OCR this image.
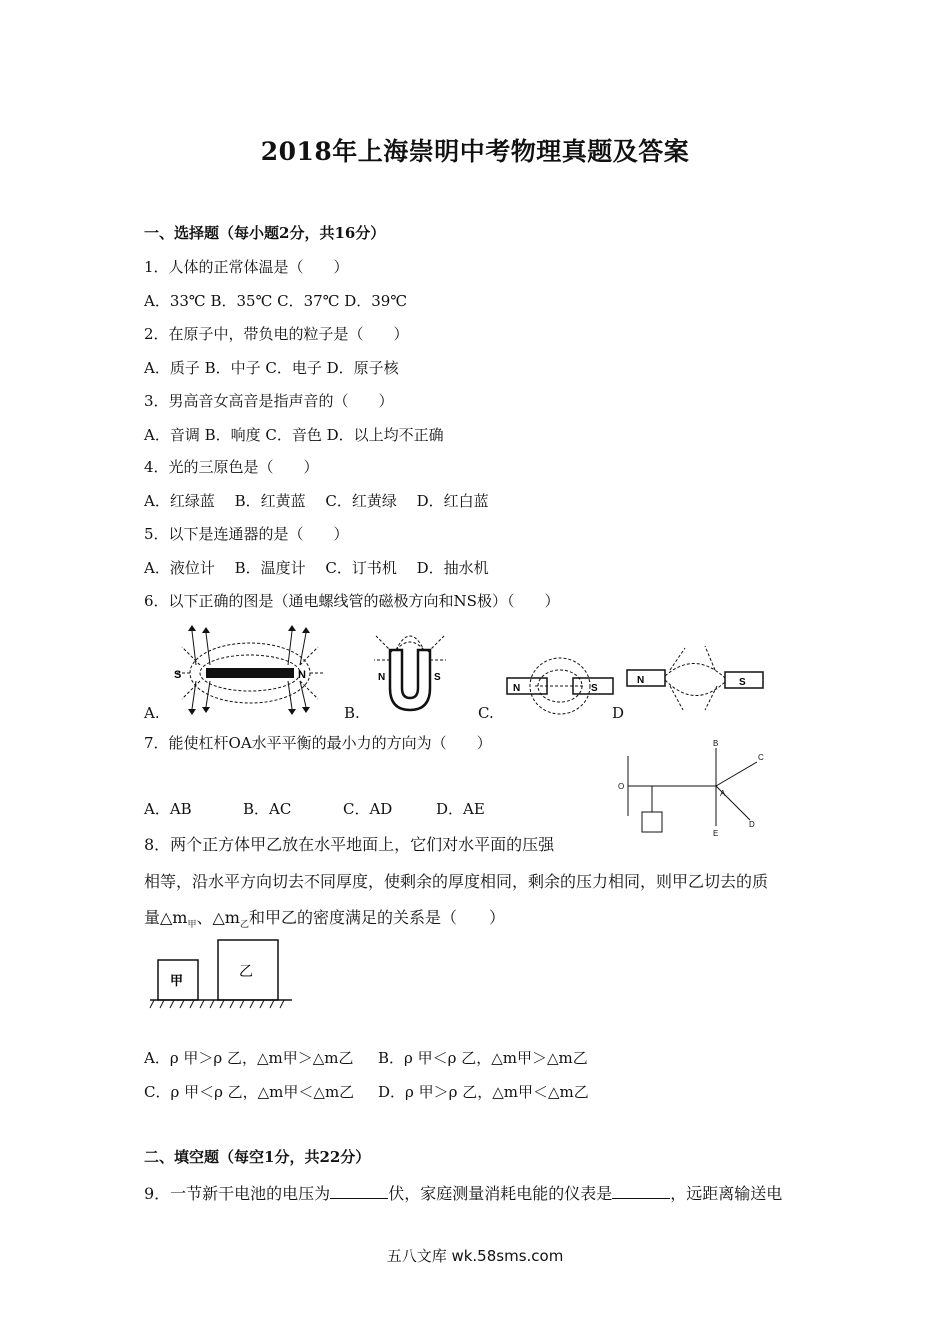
2018年上海崇明中考物理真题及答案
一、选择题（每小题2分，共16分）
1．人体的正常体温是（　　）
A．33℃ B．35℃ C．37℃ D．39℃
2．在原子中，带负电的粒子是（　　）
A．质子 B．中子 C．电子 D．原子核
3．男高音女高音是指声音的（　　）
A．音调 B．响度 C．音色 D．以上均不正确
4．光的三原色是（　　）
A．红绿蓝　 B．红黄蓝　 C．红黄绿　 D．红白蓝
5．以下是连通器的是（　　）
A．液位计　 B．温度计　 C．订书机　 D．抽水机
6．以下正确的图是（通电螺线管的磁极方向和NS极）（　　）
S	N
A.
N	S
B.
N	S
C.
N	S
D
7．能使杠杆OA水平平衡的最小力的方向为（　　）
A．AB	B．AC	C．AD	D．AE
O
A
B
C
D
E
8．两个正方体甲乙放在水平地面上，它们对水平面的压强
相等，沿水平方向切去不同厚度，使剩余的厚度相同，剩余的压力相同，则甲乙切去的质
量$\triangle m_甲$、$\triangle m_乙$和甲乙的密度满足的关系是（　　）
甲
乙
A．ρ 甲＞ρ 乙，△m甲＞△m乙 B．ρ 甲＜ρ 乙，△m甲＞△m乙
C．ρ 甲＜ρ 乙，△m甲＜△m乙 D．ρ 甲＞ρ 乙，△m甲＜△m乙
二、填空题（每空1分，共22分）
9．一节新干电池的电压为	伏，家庭测量消耗电能的仪表是	，远距离输送电
五八文库 wk.58sms.com
